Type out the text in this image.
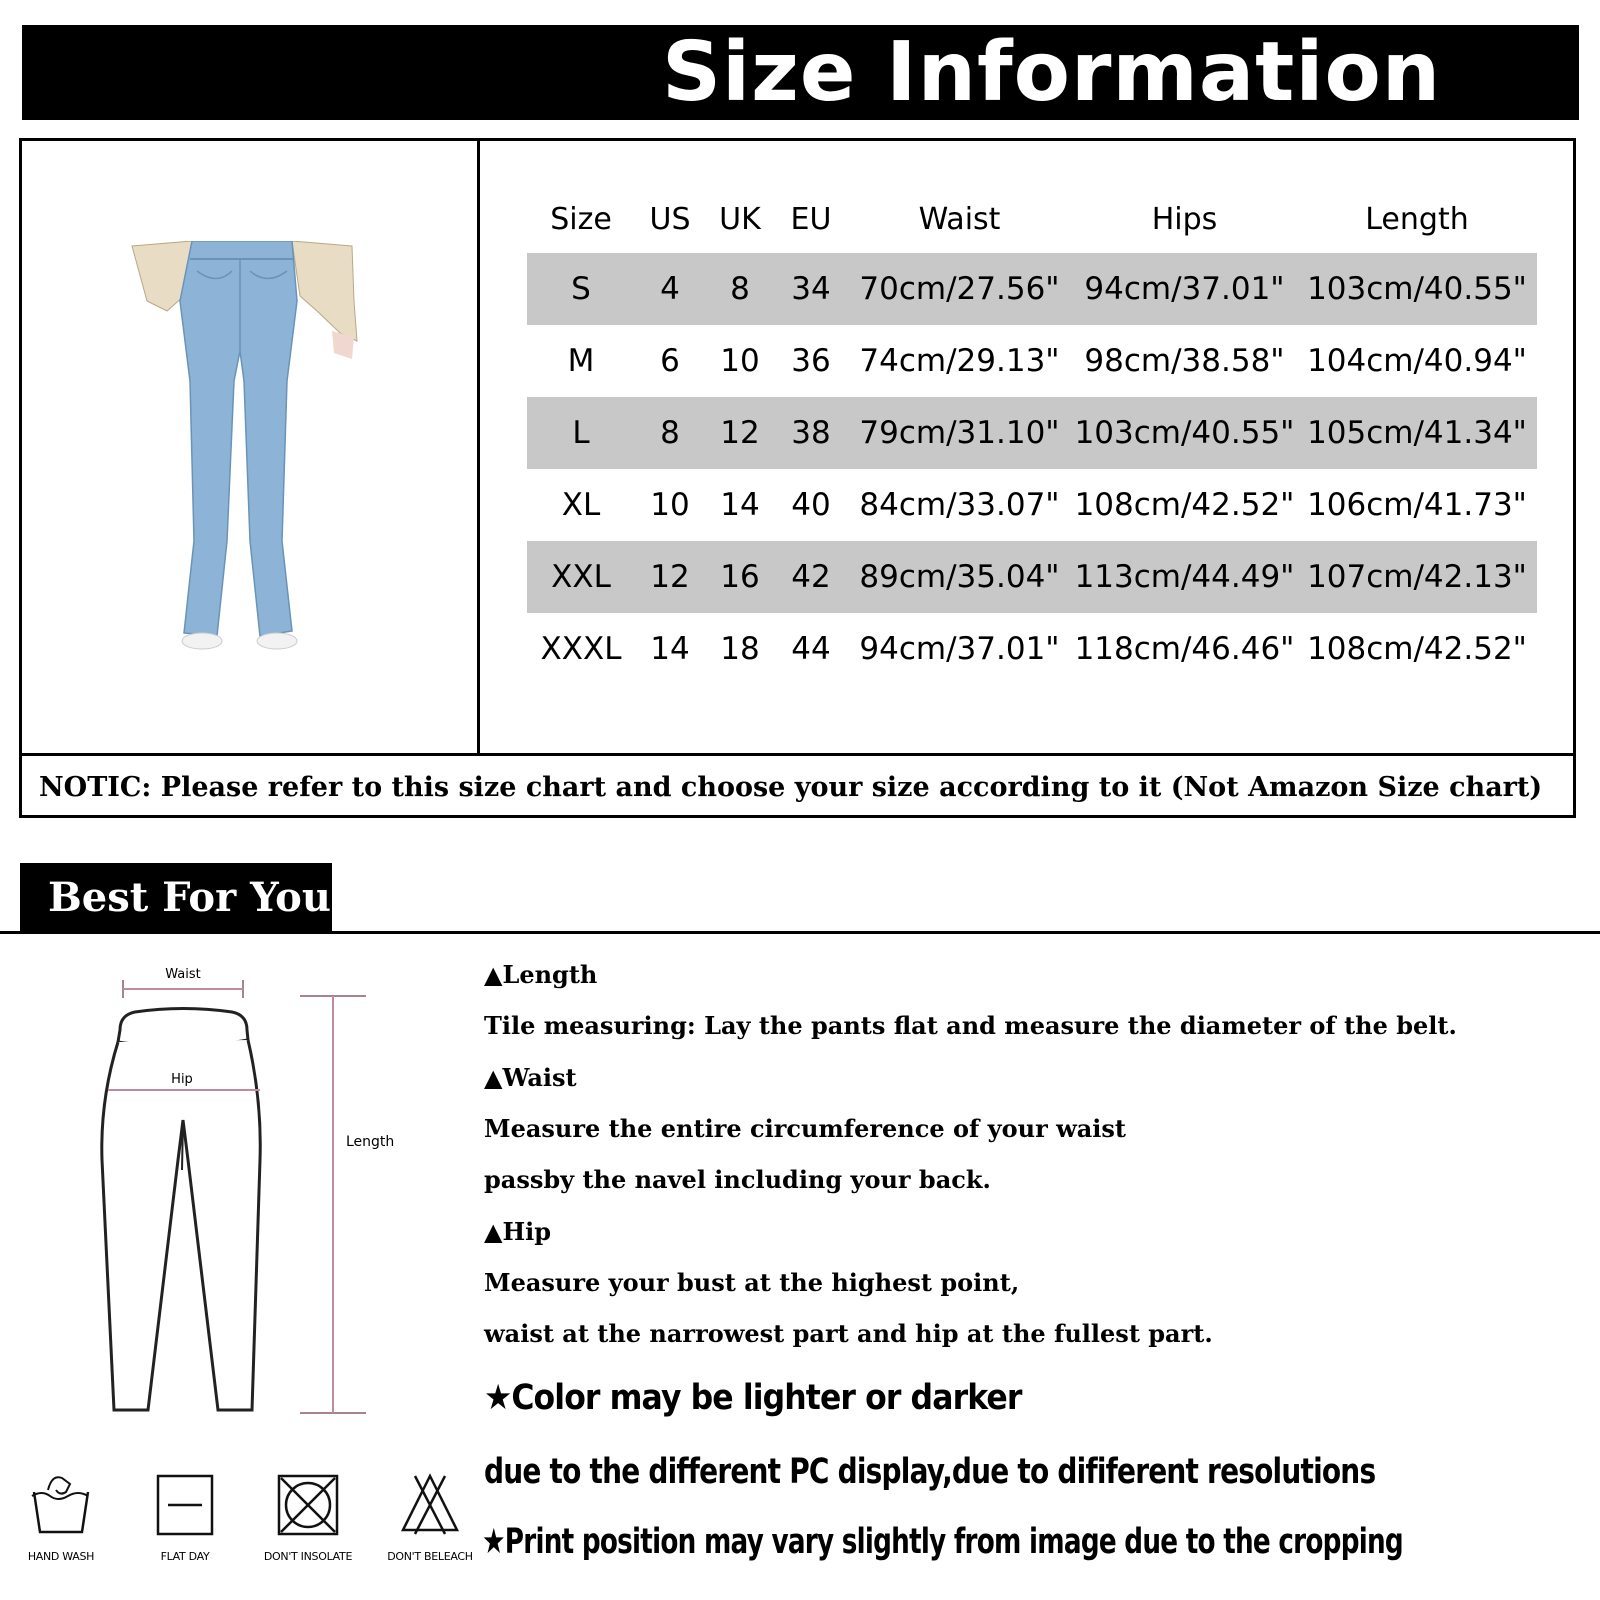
Size Information
Size	US UK EU	Waist	Hips	Length
S	4	8	34 70cm/27.56" 94cm/37.01" 103cm/40.55"
M	6	10	36 74cm/29.13" 98cm/38.58" 104cm/40.94"
L	8	12	38 79cm/31.10" 103cm/40.55" 105cm/41.34"
XL	10 14	40 84cm/33.07" 108cm/42.52" 106cm/41.73"
XXL	12 16	42 89cm/35.04" 113cm/44.49" 107cm/42.13"
XXXL 14 18	44 94cm/37.01" 118cm/46.46" 108cm/42.52"
NOTIC: Please refer to this size chart and choose your size according to it (Not Amazon Size chart)
Best For You
Waist
Hip
Length
HAND WASH	FLAT DAY	DON'T INSOLATE	DON'T BELEACH
▲Length
Tile measuring: Lay the pants flat and measure the diameter of the belt.
▲Waist
Measure the entire circumference of your waist
passby the navel including your back.
▲Hip
Measure your bust at the highest point,
waist at the narrowest part and hip at the fullest part.
★Color may be lighter or darker
due to the different PC display,due to dififerent resolutions
★Print position may vary slightly from image due to the cropping
